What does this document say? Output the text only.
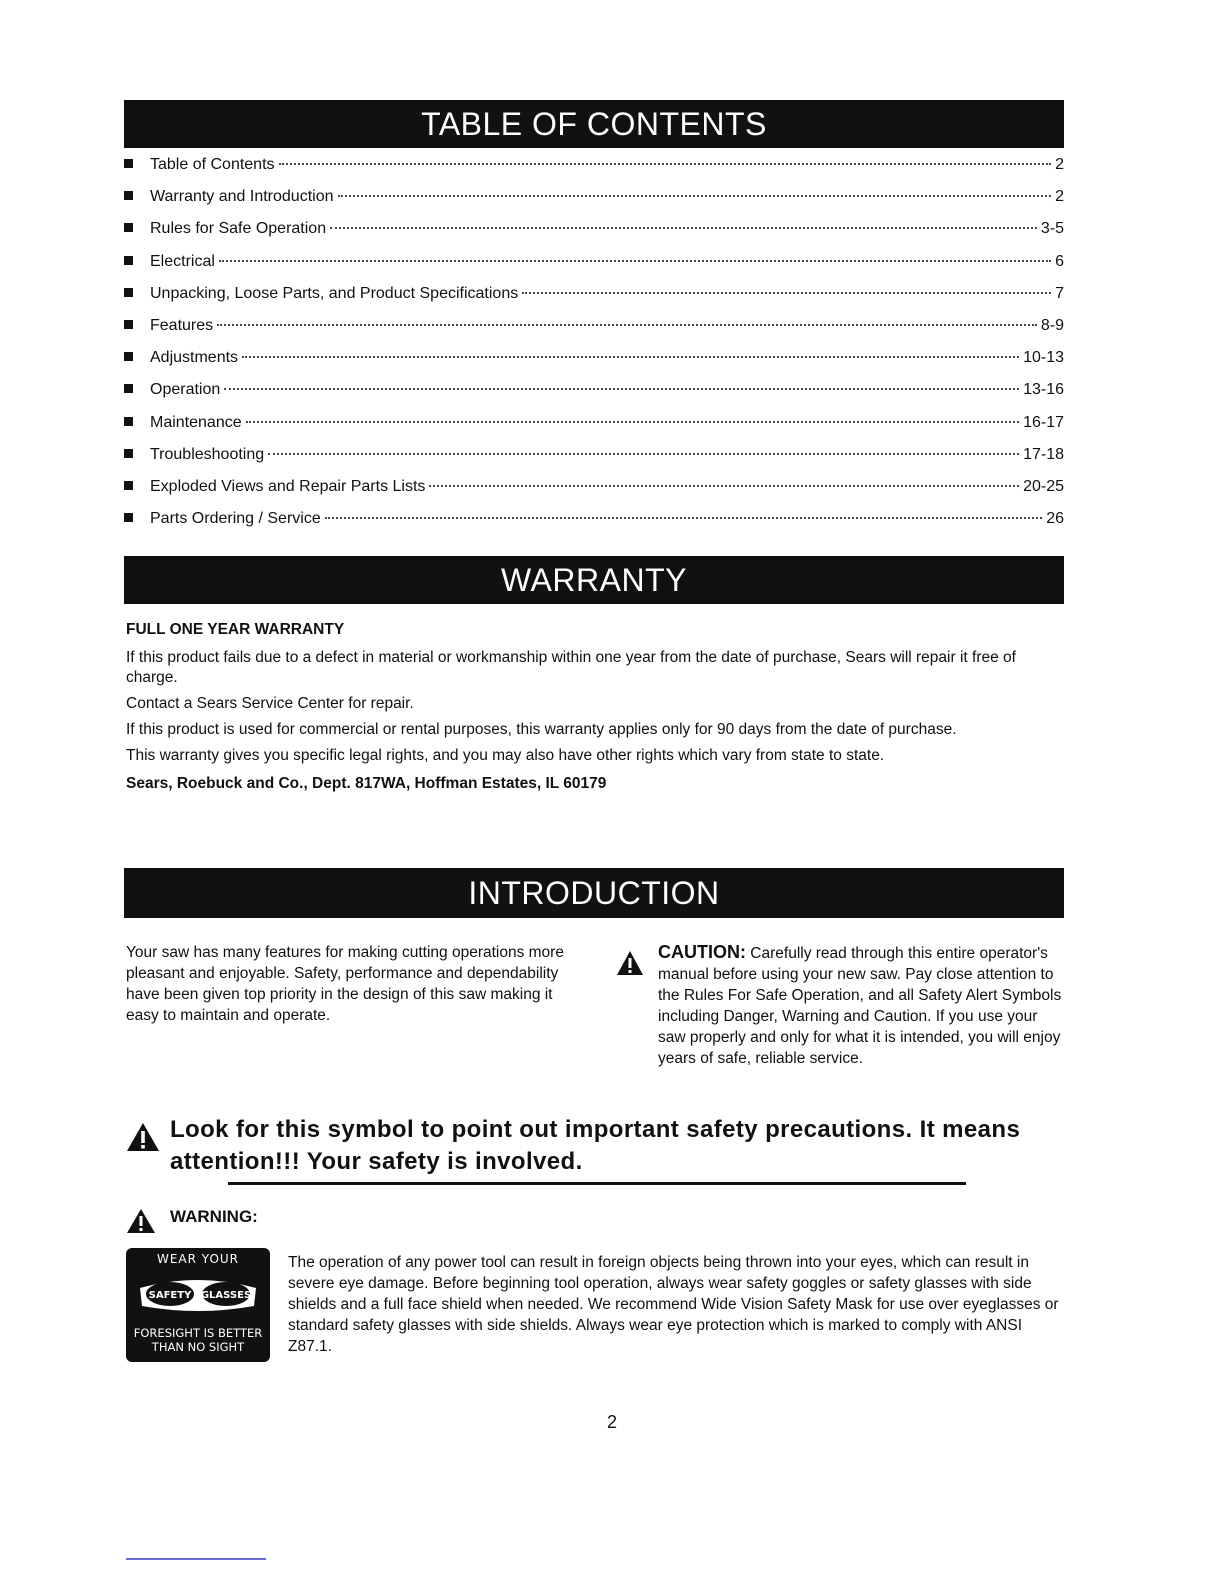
TABLE OF CONTENTS
Table of Contents	2
Warranty and Introduction	2
Rules for Safe Operation	3-5
Electrical	6
Unpacking, Loose Parts, and Product Specifications	7
Features	8-9
Adjustments	10-13
Operation	13-16
Maintenance	16-17
Troubleshooting	17-18
Exploded Views and Repair Parts Lists	20-25
Parts Ordering / Service	26
WARRANTY

FULL ONE YEAR WARRANTY

If this product fails due to a defect in material or workmanship within one year from the date of purchase, Sears will repair it free of charge.

Contact a Sears Service Center for repair.

If this product is used for commercial or rental purposes, this warranty applies only for 90 days from the date of purchase.

This warranty gives you specific legal rights, and you may also have other rights which vary from state to state.

Sears, Roebuck and Co., Dept. 817WA, Hoffman Estates, IL 60179

INTRODUCTION
Your saw has many features for making cutting operations more pleasant and enjoyable. Safety, performance and dependability have been given top priority in the design of this saw making it easy to maintain and operate.
CAUTION: Carefully read through this entire operator's manual before using your new saw. Pay close attention to the Rules For Safe Operation, and all Safety Alert Symbols including Danger, Warning and Caution. If you use your saw properly and only for what it is intended, you will enjoy years of safe, reliable service.
Look for this symbol to point out important safety precautions. It means attention!!! Your safety is involved.
WARNING:
WEAR YOUR
SAFETY GLASSES
FORESIGHT IS BETTER
THAN NO SIGHT
The operation of any power tool can result in foreign objects being thrown into your eyes, which can result in severe eye damage. Before beginning tool operation, always wear safety goggles or safety glasses with side shields and a full face shield when needed. We recommend Wide Vision Safety Mask for use over eyeglasses or standard safety glasses with side shields. Always wear eye protection which is marked to comply with ANSI Z87.1.
2
